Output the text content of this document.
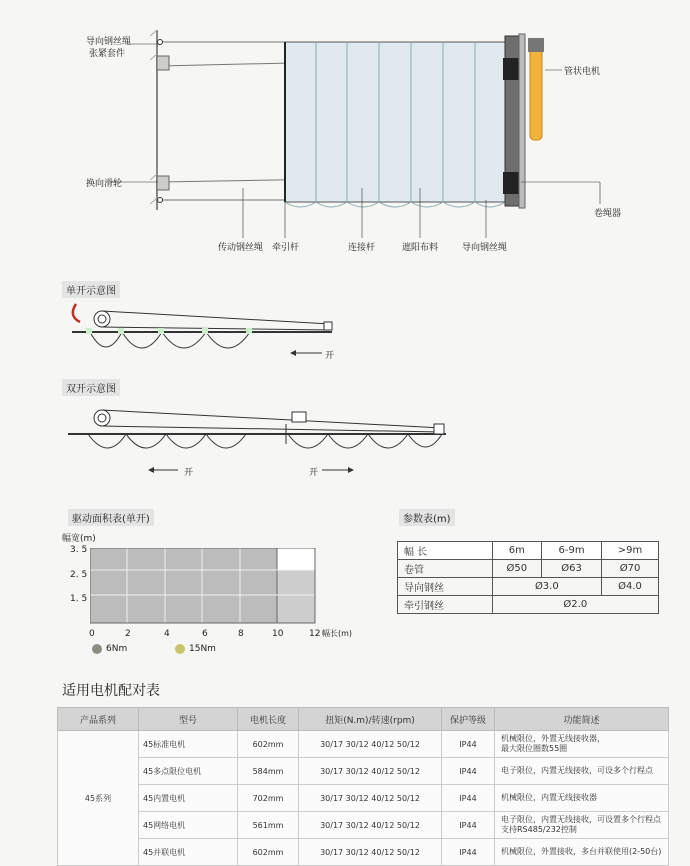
导向钢丝绳
张紧套件
管状电机
换向滑轮
卷绳器
传动钢丝绳 牵引杆	连接杆	遮阳布料	导向钢丝绳
单开示意图
开
双开示意图
开	开
驱动面积表(单开)
幅宽(m)
幅长(m)
3. 5
2. 5
1. 5
0	2	4	6	8	10	12
6Nm	15Nm
参数表(m)
幅 长	6m	6-9m	>9m
卷管	Ø50	Ø63	Ø70
导向钢丝	Ø3.0		Ø4.0
牵引钢丝	Ø2.0		
适用电机配对表
产品系列	型号	电机长度	扭矩(N.m)/转速(rpm)	保护等级	功能简述
45系列	45标准电机	602mm	30/17 30/12 40/12 50/12	IP44	机械限位，外置无线接收器，
最大限位圈数55圈
	45多点限位电机	584mm	30/17 30/12 40/12 50/12	IP44	电子限位，内置无线接收，可设多个行程点
	45内置电机	702mm	30/17 30/12 40/12 50/12	IP44	机械限位，内置无线接收器
	45网络电机	561mm	30/17 30/12 40/12 50/12	IP44	电子限位，内置无线接收，可设置多个行程点
支持RS485/232控制
	45并联电机	602mm	30/17 30/12 40/12 50/12	IP44	机械限位，外置接收，多台并联使用(2-50台)
